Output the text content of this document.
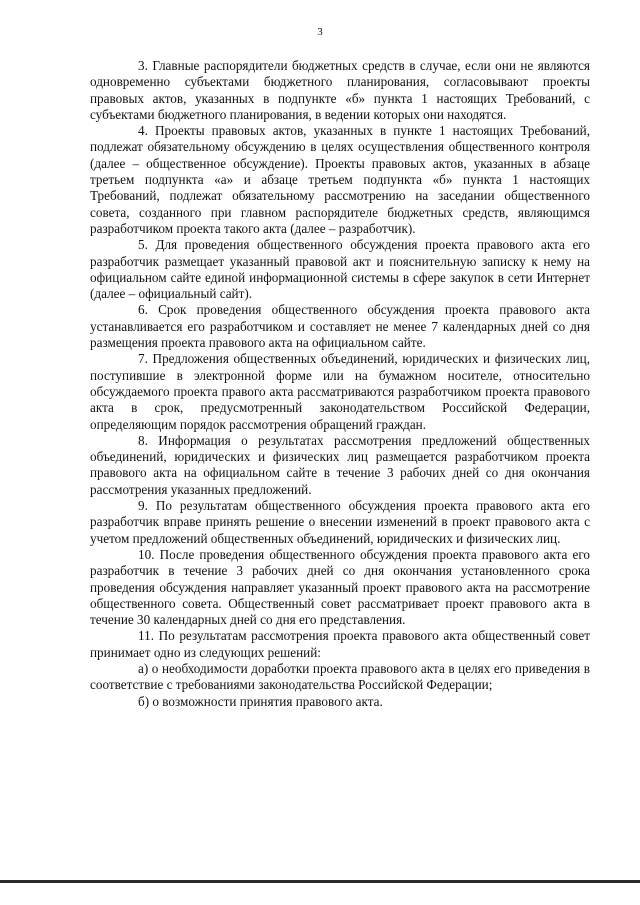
3

3. Главные распорядители бюджетных средств в случае, если они не являются одновременно субъектами бюджетного планирования, согласовывают проекты правовых актов, указанных в подпункте «б» пункта 1 настоящих Требований, с субъектами бюджетного планирования, в ведении которых они находятся.

4. Проекты правовых актов, указанных в пункте 1 настоящих Требований, подлежат обязательному обсуждению в целях осуществления общественного контроля (далее – общественное обсуждение). Проекты правовых актов, указанных в абзаце третьем подпункта «а» и абзаце третьем подпункта «б» пункта 1 настоящих Требований, подлежат обязательному рассмотрению на заседании общественного совета, созданного при главном распорядителе бюджетных средств, являющимся разработчиком проекта такого акта (далее – разработчик).

5. Для проведения общественного обсуждения проекта правового акта его разработчик размещает указанный правовой акт и пояснительную записку к нему на официальном сайте единой информационной системы в сфере закупок в сети Интернет (далее – официальный сайт).

6. Срок проведения общественного обсуждения проекта правового акта устанавливается его разработчиком и составляет не менее 7 календарных дней со дня размещения проекта правового акта на официальном сайте.

7. Предложения общественных объединений, юридических и физических лиц, поступившие в электронной форме или на бумажном носителе, относительно обсуждаемого проекта правого акта рассматриваются разработчиком проекта правового акта в срок, предусмотренный законодательством Российской Федерации, определяющим порядок рассмотрения обращений граждан.

8. Информация о результатах рассмотрения предложений общественных объединений, юридических и физических лиц размещается разработчиком проекта правового акта на официальном сайте в течение 3 рабочих дней со дня окончания рассмотрения указанных предложений.

9. По результатам общественного обсуждения проекта правового акта его разработчик вправе принять решение о внесении изменений в проект правового акта с учетом предложений общественных объединений, юридических и физических лиц.

10. После проведения общественного обсуждения проекта правового акта его разработчик в течение 3 рабочих дней со дня окончания установленного срока проведения обсуждения направляет указанный проект правового акта на рассмотрение общественного совета. Общественный совет рассматривает проект правового акта в течение 30 календарных дней со дня его представления.

11. По результатам рассмотрения проекта правового акта общественный совет принимает одно из следующих решений:

а) о необходимости доработки проекта правового акта в целях его приведения в соответствие с требованиями законодательства Российской Федерации;

б) о возможности принятия правового акта.
